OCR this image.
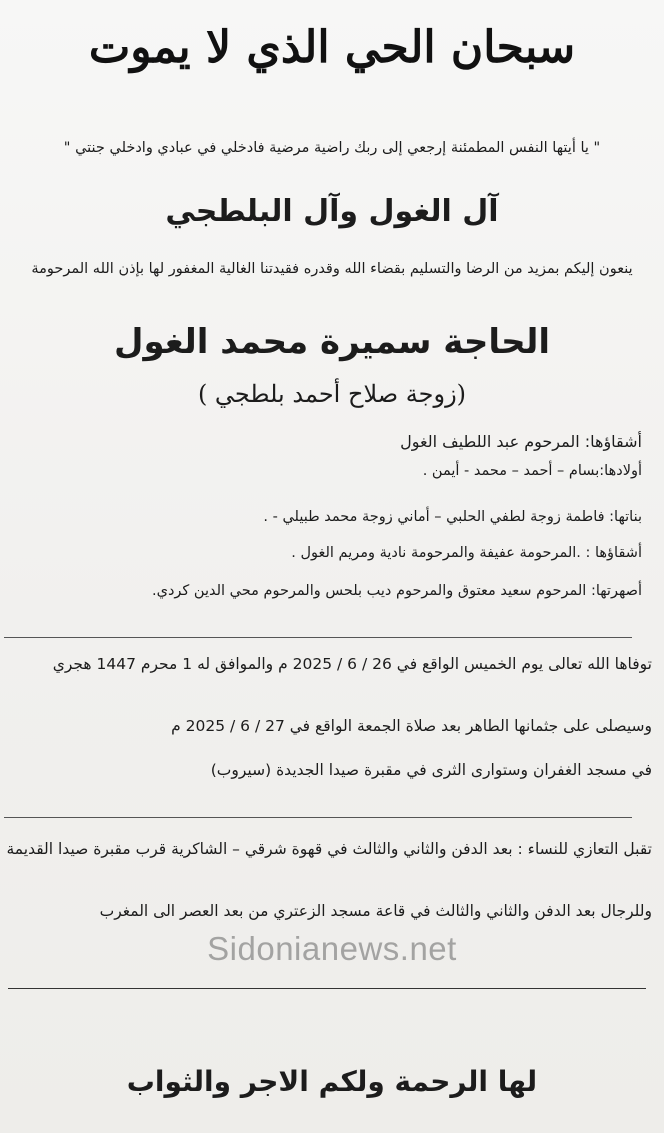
سبحان الحي الذي لا يموت
" يا أيتها النفس المطمئنة إرجعي إلى ربك راضية مرضية فادخلي في عبادي وادخلي جنتي "
آل الغول وآل البلطجي
ينعون إليكم بمزيد من الرضا والتسليم بقضاء الله وقدره فقيدتنا الغالية المغفور لها بإذن الله المرحومة
الحاجة سميرة محمد الغول
(زوجة صلاح أحمد بلطجي )
أشقاؤها: المرحوم عبد اللطيف الغول
أولادها:بسام – أحمد – محمد - أيمن .
بناتها: فاطمة زوجة لطفي الحلبي – أماني زوجة محمد طبيلي - .
أشقاؤها : .المرحومة عفيفة والمرحومة نادية ومريم الغول .
أصهرتها: المرحوم سعيد معتوق والمرحوم ديب بلحس والمرحوم محي الدين كردي.
توفاها الله تعالى يوم الخميس الواقع في 26 / 6 / 2025 م والموافق له 1 محرم 1447 هجري
وسيصلى على جثمانها الطاهر بعد صلاة الجمعة الواقع في 27 / 6 / 2025 م
في مسجد الغفران وستوارى الثرى في مقبرة صيدا الجديدة (سيروب)
تقبل التعازي للنساء : بعد الدفن والثاني والثالث في قهوة شرقي – الشاكرية قرب مقبرة صيدا القديمة
وللرجال بعد الدفن والثاني والثالث في قاعة مسجد الزعتري من بعد العصر الى المغرب
Sidonianews.net
لها الرحمة ولكم الاجر والثواب
